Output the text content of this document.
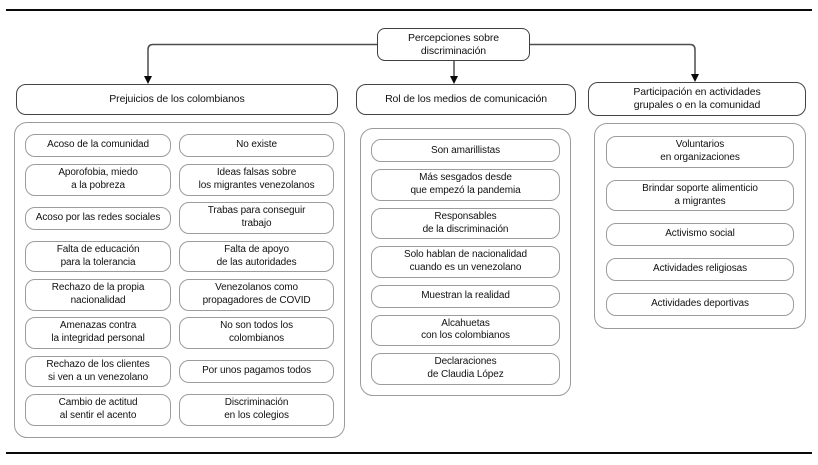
Percepciones sobre
discriminación
Prejuicios de los colombianos	Rol de los medios de comunicación
Participación en actividades
grupales o en la comunidad
Acoso de la comunidad	No existe
Aporofobia, miedo
a la pobreza
Ideas falsas sobre
los migrantes venezolanos
Acoso por las redes sociales
Trabas para conseguir
trabajo
Falta de educación
para la tolerancia
Falta de apoyo
de las autoridades
Rechazo de la propia
nacionalidad
Venezolanos como
propagadores de COVID
Amenazas contra
la integridad personal
No son todos los
colombianos
Rechazo de los clientes
si ven a un venezolano
Por unos pagamos todos
Cambio de actitud
al sentir el acento
Discriminación
en los colegios
Son amarillistas
Más sesgados desde
que empezó la pandemia
Responsables
de la discriminación
Solo hablan de nacionalidad
cuando es un venezolano
Muestran la realidad
Alcahuetas
con los colombianos
Declaraciones
de Claudia López
Voluntarios
en organizaciones
Brindar soporte alimenticio
a migrantes
Activismo social
Actividades religiosas
Actividades deportivas
